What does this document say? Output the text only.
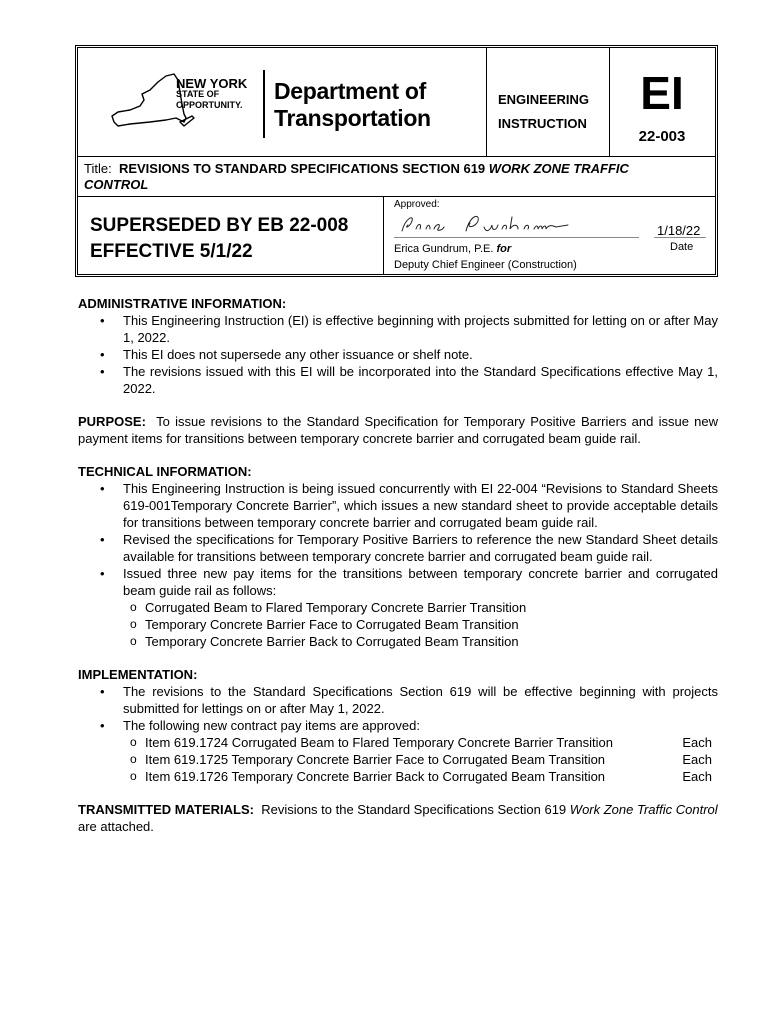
NEW YORK
STATE OF
OPPORTUNITY.
Department of
Transportation
ENGINEERING
INSTRUCTION
EI
22-003
Title: REVISIONS TO STANDARD SPECIFICATIONS SECTION 619 WORK ZONE TRAFFIC
CONTROL
SUPERSEDED BY EB 22-008
EFFECTIVE 5/1/22
Approved:
1/18/22
Date
Erica Gundrum, P.E. for
Deputy Chief Engineer (Construction)
ADMINISTRATIVE INFORMATION:
• This Engineering Instruction (EI) is effective beginning with projects submitted for letting on or after May 1, 2022.
• This EI does not supersede any other issuance or shelf note.
• The revisions issued with this EI will be incorporated into the Standard Specifications effective May 1, 2022.
PURPOSE: To issue revisions to the Standard Specification for Temporary Positive Barriers and issue new payment items for transitions between temporary concrete barrier and corrugated beam guide rail.
TECHNICAL INFORMATION:
• This Engineering Instruction is being issued concurrently with EI 22-004 “Revisions to Standard Sheets 619-001Temporary Concrete Barrier”, which issues a new standard sheet to provide acceptable details for transitions between temporary concrete barrier and corrugated beam guide rail.
• Revised the specifications for Temporary Positive Barriers to reference the new Standard Sheet details available for transitions between temporary concrete barrier and corrugated beam guide rail.
• Issued three new pay items for the transitions between temporary concrete barrier and corrugated beam guide rail as follows:
o Corrugated Beam to Flared Temporary Concrete Barrier Transition
o Temporary Concrete Barrier Face to Corrugated Beam Transition
o Temporary Concrete Barrier Back to Corrugated Beam Transition
IMPLEMENTATION:
• The revisions to the Standard Specifications Section 619 will be effective beginning with projects submitted for lettings on or after May 1, 2022.
• The following new contract pay items are approved:
o Item 619.1724 Corrugated Beam to Flared Temporary Concrete Barrier Transition	Each
o Item 619.1725 Temporary Concrete Barrier Face to Corrugated Beam Transition	Each
o Item 619.1726 Temporary Concrete Barrier Back to Corrugated Beam Transition	Each
TRANSMITTED MATERIALS: Revisions to the Standard Specifications Section 619 Work Zone Traffic Control are attached.
